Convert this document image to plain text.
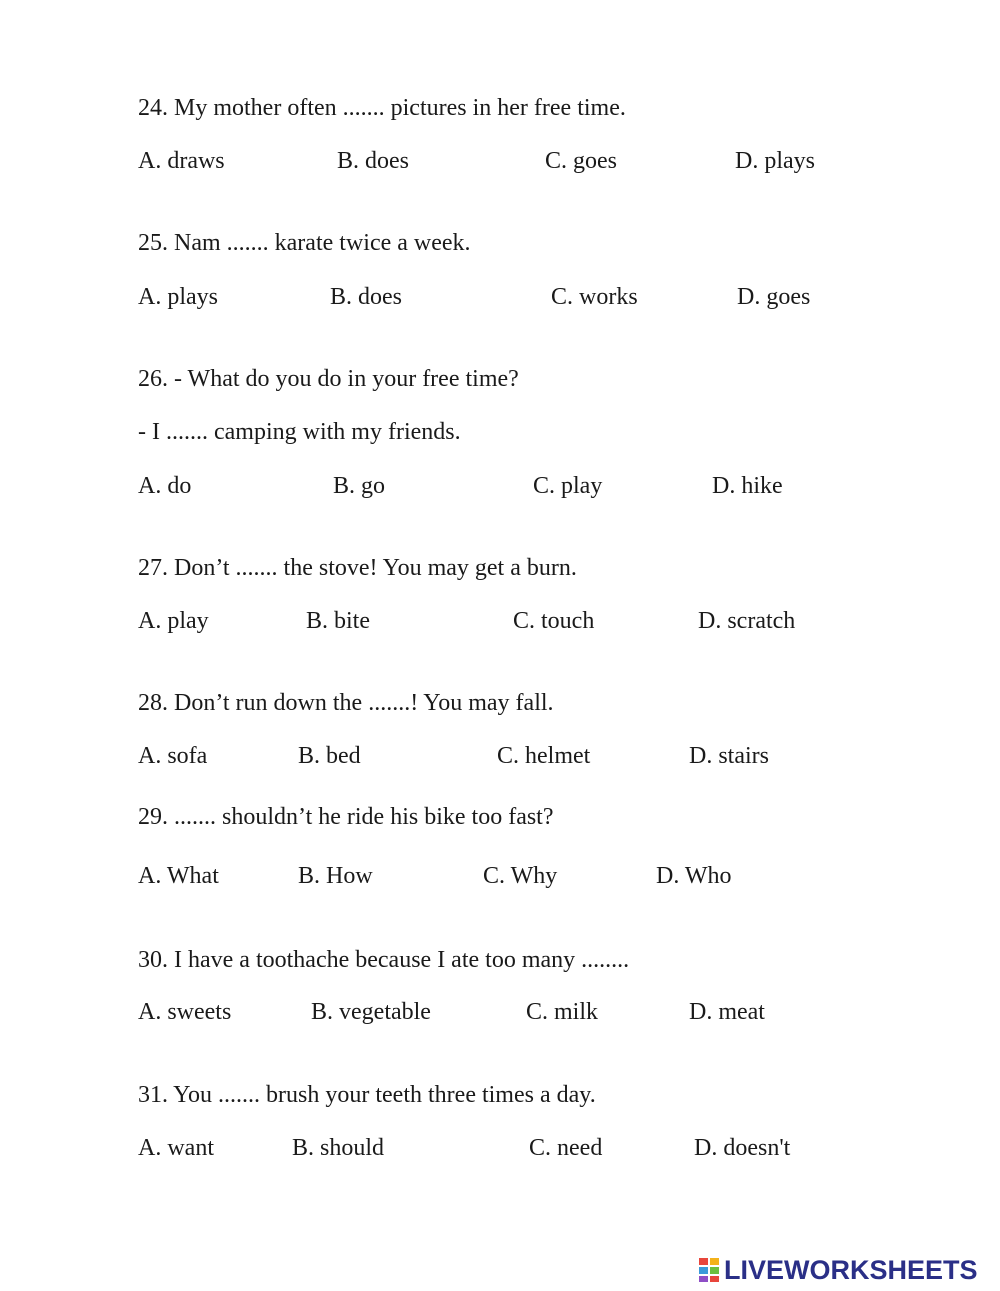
24. My mother often ....... pictures in her free time.
A. draws	B. does	C. goes	D. plays
25. Nam ....... karate twice a week.
A. plays	B. does	C. works	D. goes
26. - What do you do in your free time?
- I ....... camping with my friends.
A. do	B. go	C. play	D. hike
27. Don’t ....... the stove! You may get a burn.
A. play	B. bite	C. touch	D. scratch
28. Don’t run down the .......! You may fall.
A. sofa	B. bed	C. helmet	D. stairs
29. ....... shouldn’t he ride his bike too fast?
A. What	B. How	C. Why	D. Who
30. I have a toothache because I ate too many ........
A. sweets	B. vegetable	C. milk	D. meat
31. You ....... brush your teeth three times a day.
A. want	B. should	C. need	D. doesn't
LIVEWORKSHEETS
